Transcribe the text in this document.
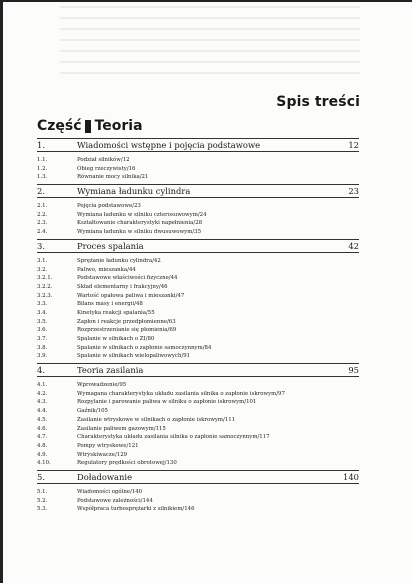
Spis treści
Część Teoria
1.	Wiadomości wstępne i pojęcia podstawowe	12
1.1.	Podział silników/12
1.2.	Obieg rzeczywisty/16
1.3.	Równanie mocy silnika/21
2.	Wymiana ładunku cylindra	23
2.1.	Pojęcia podstawowe/23
2.2.	Wymiana ładunku w silniku czterosuwowym/24
2.3.	Kształtowanie charakterystyki napełnienia/28
2.4.	Wymiana ładunku w silniku dwusuwowym/35
3.	Proces spalania	42
3.1.	Sprężanie ładunku cylindra/42
3.2.	Paliwo, mieszanka/44
3.2.1.	Podstawowe właściwości fizyczne/44
3.2.2.	Skład elementarny i frakcyjny/46
3.2.3.	Wartość opałowa paliwa i mieszanki/47
3.3.	Bilans masy i energii/48
3.4.	Kinetyka reakcji spalania/55
3.5.	Zapłon i reakcje przedpłomienne/63
3.6.	Rozprzestrzenianie się płomienia/69
3.7.	Spalanie w silnikach o ZI/80
3.8.	Spalanie w silnikach o zapłonie samoczynnym/84
3.9.	Spalanie w silnikach wielopaliwowych/91
4.	Teoria zasilania	95
4.1.	Wprowadzenie/95
4.2.	Wymagana charakterystyka układu zasilania silnika o zapłonie iskrowym/97
4.3.	Rozpylanie i parowanie paliwa w silniku o zapłonie iskrowym/101
4.4.	Gaźnik/105
4.5.	Zasilanie wtryskowe w silnikach o zapłonie iskrowym/111
4.6.	Zasilanie paliwem gazowym/115
4.7.	Charakterystyka układu zasilania silnika o zapłonie samoczynnym/117
4.8.	Pompy wtryskowe/121
4.9.	Wtryskiwacze/129
4.10.	Regulatory prędkości obrotowej/130
5.	Doładowanie	140
5.1.	Wiadomości ogólne/140
5.2.	Podstawowe zależności/144
5.3.	Współpraca turbosprężarki z silnikiem/146
